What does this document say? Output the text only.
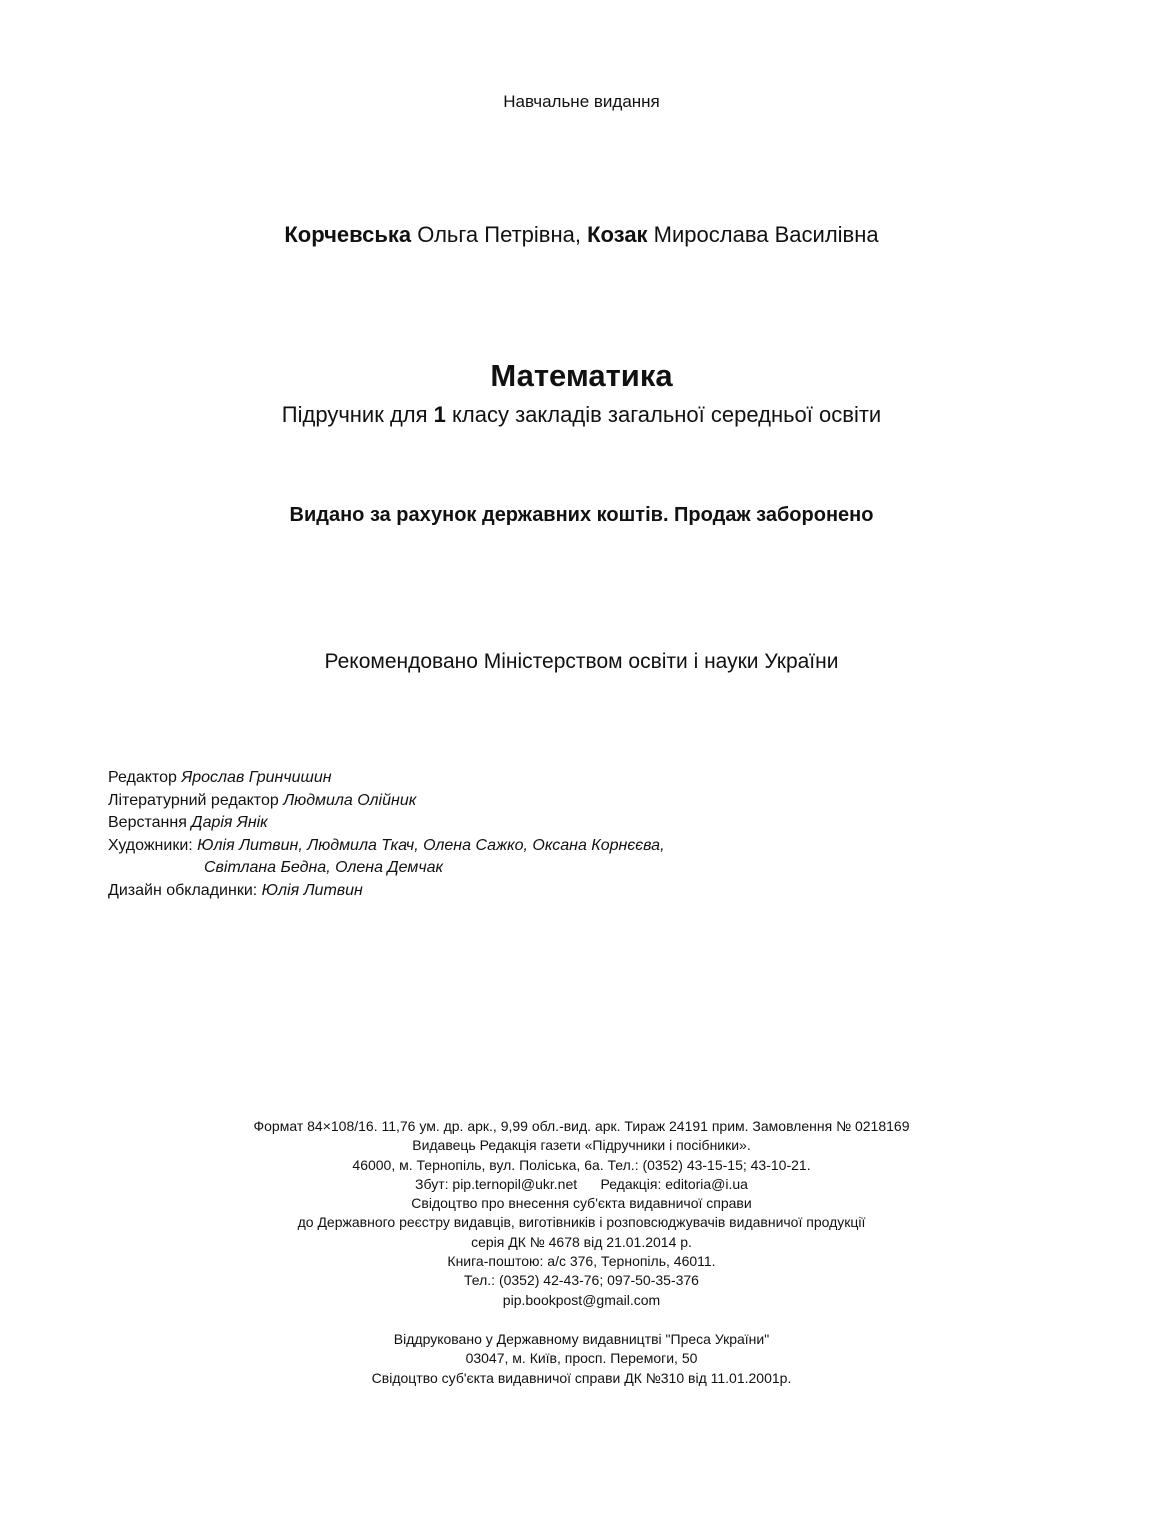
Навчальне видання
Корчевська Ольга Петрівна, Козак Мирослава Василівна
Математика
Підручник для 1 класу закладів загальної середньої освіти
Видано за рахунок державних коштів. Продаж заборонено
Рекомендовано Міністерством освіти і науки України
Редактор Ярослав Гринчишин
Літературний редактор Людмила Олійник
Верстання Дарія Янік
Художники: Юлія Литвин, Людмила Ткач, Олена Сажко, Оксана Корнєєва,
Світлана Бедна, Олена Демчак
Дизайн обкладинки: Юлія Литвин
Формат 84×108/16. 11,76 ум. др. арк., 9,99 обл.-вид. арк. Тираж 24191 прим. Замовлення № 0218169
Видавець Редакція газети «Підручники і посібники».
46000, м. Тернопіль, вул. Поліська, 6а. Тел.: (0352) 43-15-15; 43-10-21.
Збут: pip.ternopil@ukr.net      Редакція: editoria@i.ua
Свідоцтво про внесення суб'єкта видавничої справи
до Державного реєстру видавців, виготівників і розповсюджувачів видавничої продукції
серія ДК № 4678 від 21.01.2014 р.
Книга-поштою: а/с 376, Тернопіль, 46011.
Тел.: (0352) 42-43-76; 097-50-35-376
pip.bookpost@gmail.com
Віддруковано у Державному видавництві "Преса України"
03047, м. Київ, просп. Перемоги, 50
Свідоцтво суб'єкта видавничої справи ДК №310 від 11.01.2001р.
